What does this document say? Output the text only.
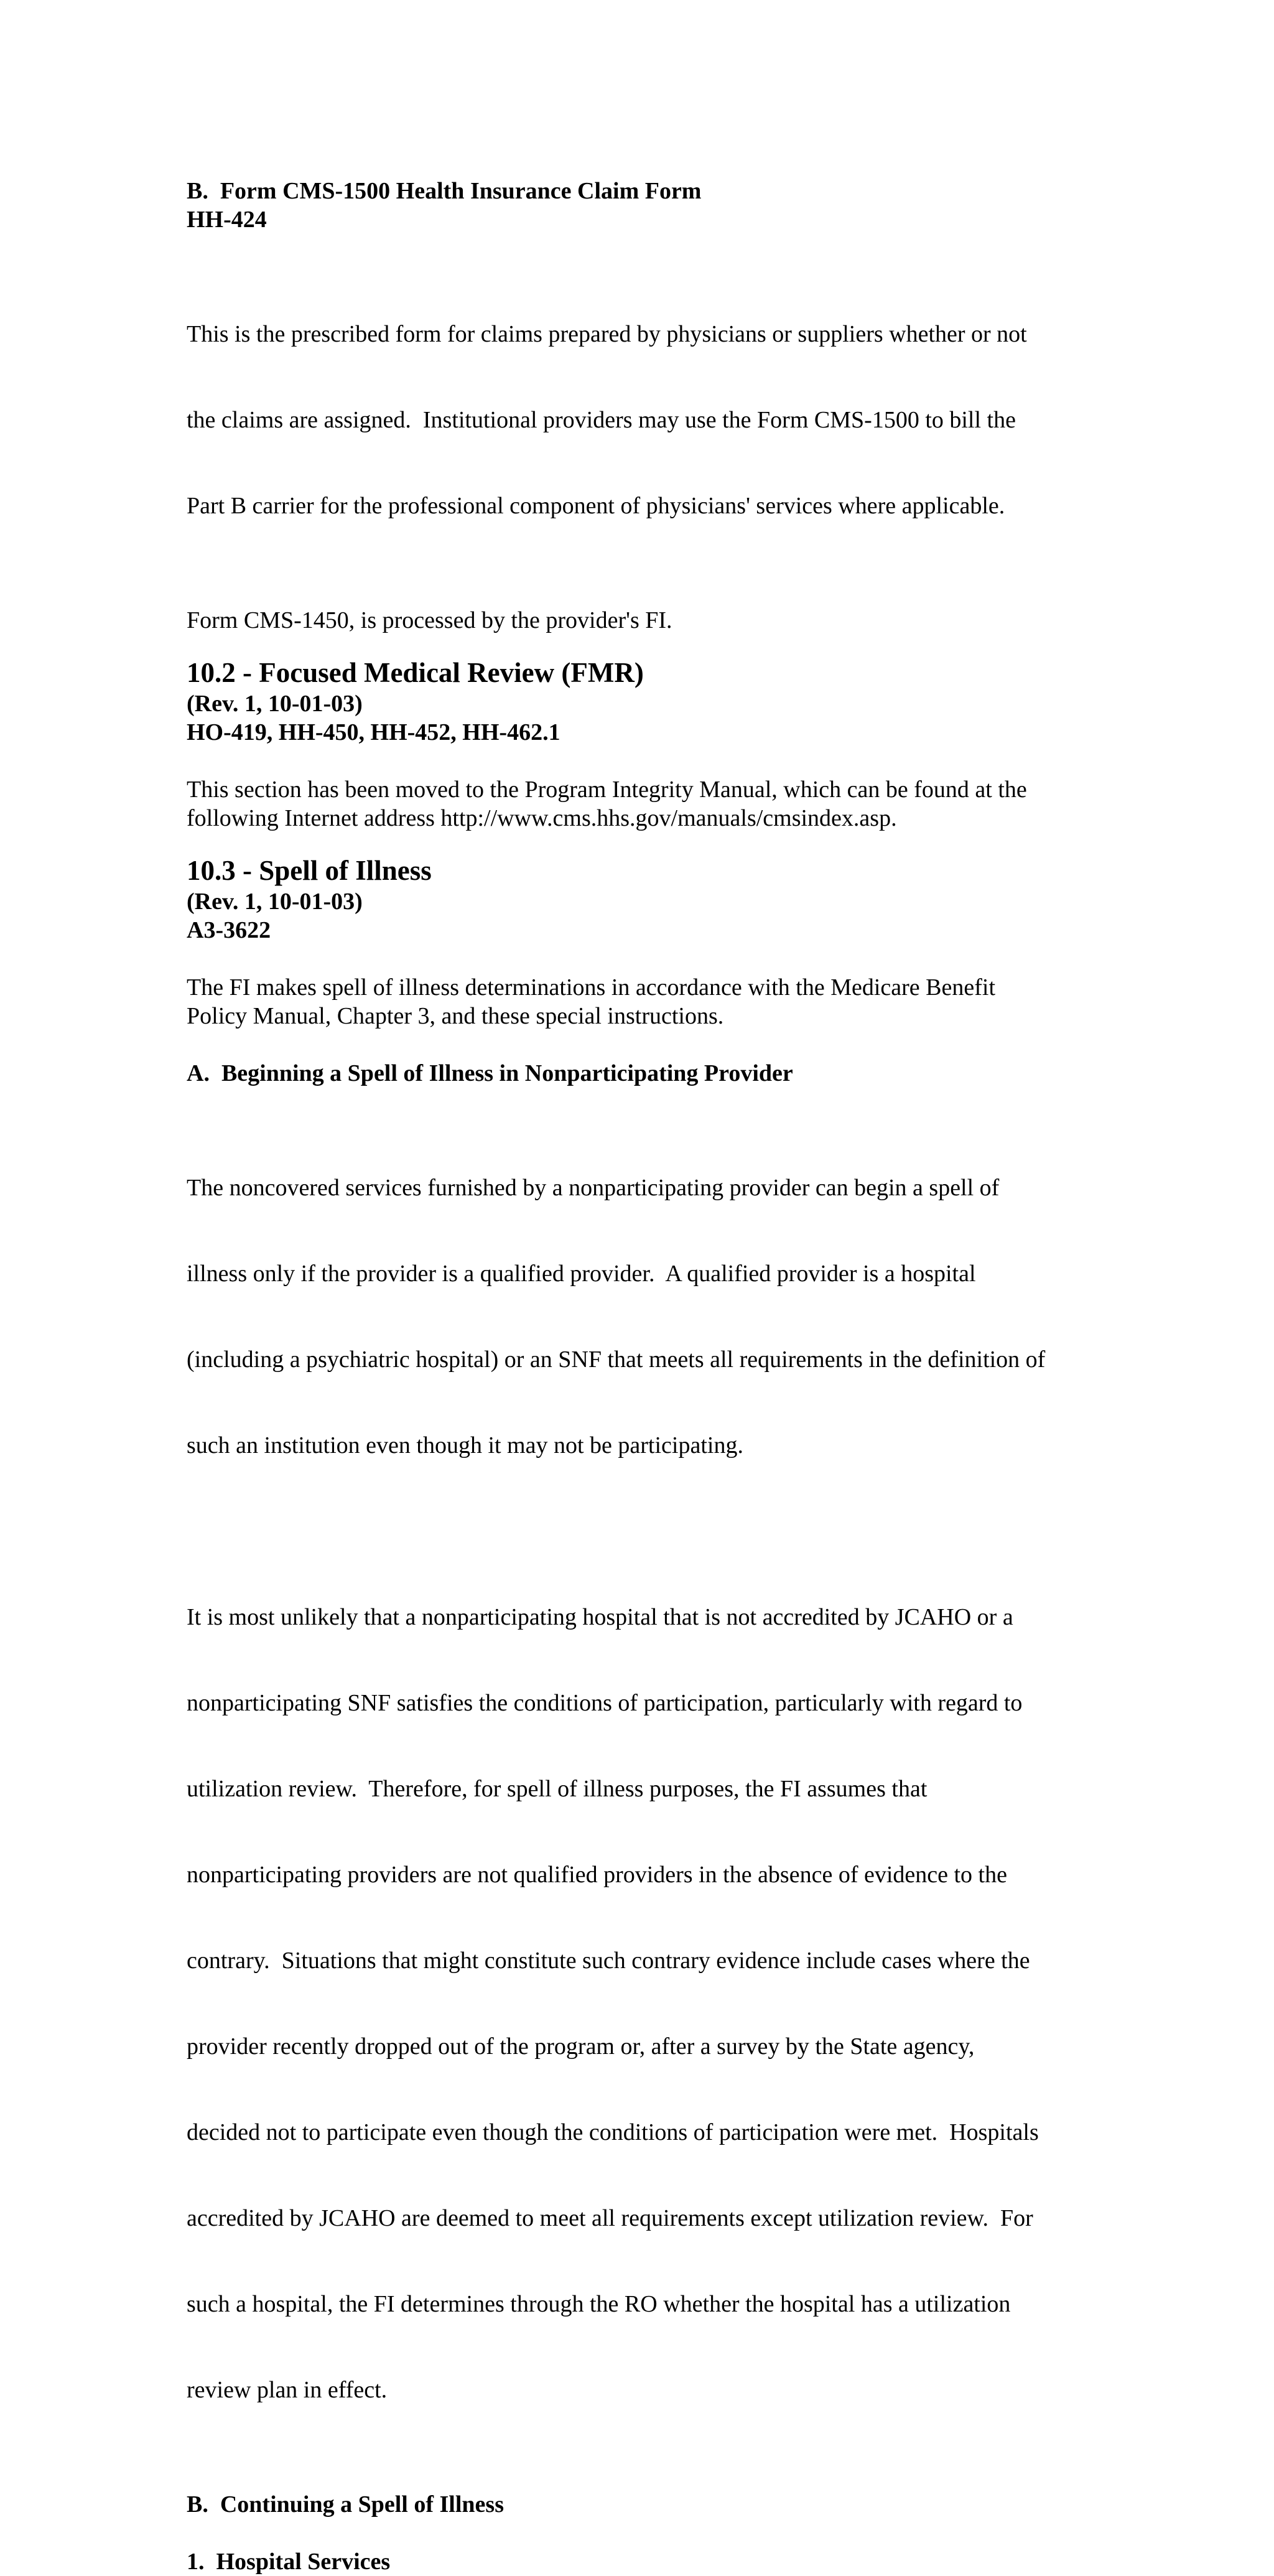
B.  Form CMS-1500 Health Insurance Claim Form
HH-424

This is the prescribed form for claims prepared by physicians or suppliers whether or not

the claims are assigned.  Institutional providers may use the Form CMS-1500 to bill the

Part B carrier for the professional component of physicians' services where applicable.

Form CMS-1450, is processed by the provider's FI.
10.2 - Focused Medical Review (FMR)
(Rev. 1, 10-01-03)
HO-419, HH-450, HH-452, HH-462.1
This section has been moved to the Program Integrity Manual, which can be found at the
following Internet address http://www.cms.hhs.gov/manuals/cmsindex.asp.
10.3 - Spell of Illness
(Rev. 1, 10-01-03)
A3-3622
The FI makes spell of illness determinations in accordance with the Medicare Benefit
Policy Manual, Chapter 3, and these special instructions.
A.  Beginning a Spell of Illness in Nonparticipating Provider

The noncovered services furnished by a nonparticipating provider can begin a spell of

illness only if the provider is a qualified provider.  A qualified provider is a hospital

(including a psychiatric hospital) or an SNF that meets all requirements in the definition of

such an institution even though it may not be participating.

It is most unlikely that a nonparticipating hospital that is not accredited by JCAHO or a

nonparticipating SNF satisfies the conditions of participation, particularly with regard to

utilization review.  Therefore, for spell of illness purposes, the FI assumes that

nonparticipating providers are not qualified providers in the absence of evidence to the

contrary.  Situations that might constitute such contrary evidence include cases where the

provider recently dropped out of the program or, after a survey by the State agency,

decided not to participate even though the conditions of participation were met.  Hospitals

accredited by JCAHO are deemed to meet all requirements except utilization review.  For

such a hospital, the FI determines through the RO whether the hospital has a utilization

review plan in effect.

B.  Continuing a Spell of Illness
1.  Hospital Services
